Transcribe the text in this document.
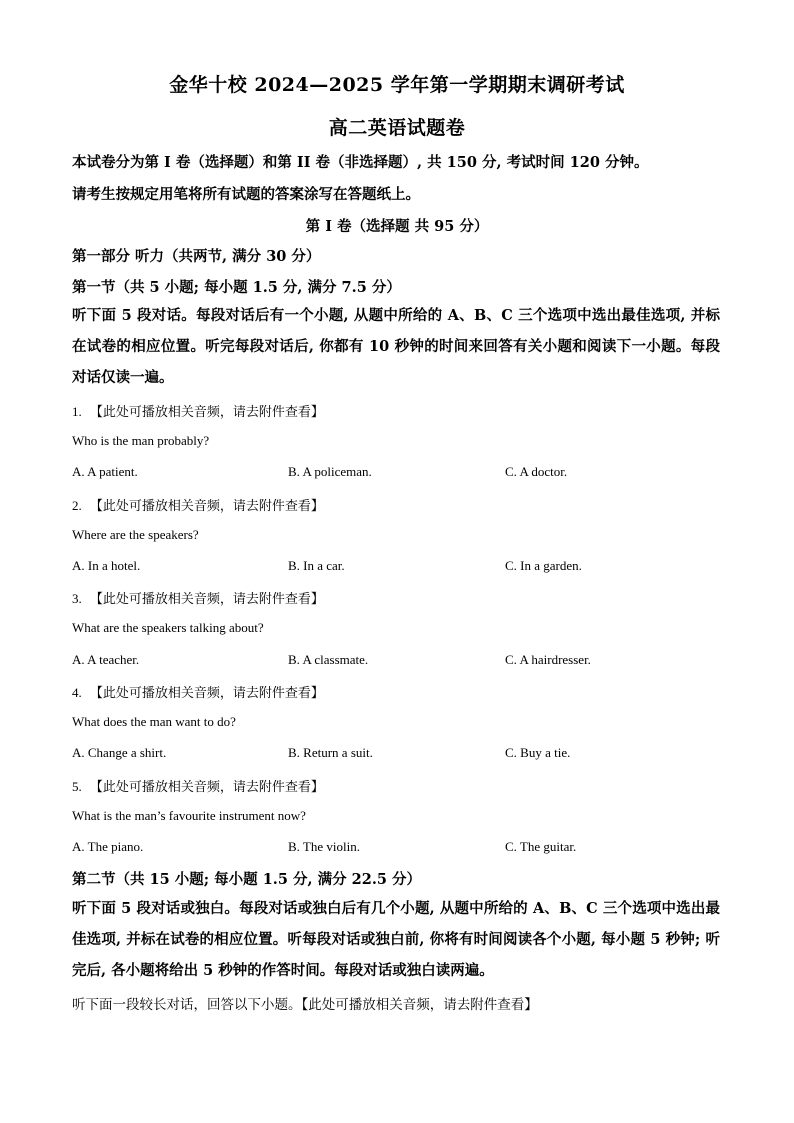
金华十校 2024—2025 学年第一学期期末调研考试
高二英语试题卷
本试卷分为第 I 卷（选择题）和第 II 卷（非选择题）, 共 150 分, 考试时间 120 分钟。
请考生按规定用笔将所有试题的答案涂写在答题纸上。
第 I 卷（选择题 共 95 分）
第一部分 听力（共两节, 满分 30 分）
第一节（共 5 小题; 每小题 1.5 分, 满分 7.5 分）
听下面 5 段对话。每段对话后有一个小题, 从题中所给的 A、B、C 三个选项中选出最佳选项, 并标在试卷的相应位置。听完每段对话后, 你都有 10 秒钟的时间来回答有关小题和阅读下一小题。每段对话仅读一遍。
1. 【此处可播放相关音频，请去附件查看】
Who is the man probably?
A. A patient.	B. A policeman.	C. A doctor.
2. 【此处可播放相关音频，请去附件查看】
Where are the speakers?
A. In a hotel.	B. In a car.	C. In a garden.
3. 【此处可播放相关音频，请去附件查看】
What are the speakers talking about?
A. A teacher.	B. A classmate.	C. A hairdresser.
4. 【此处可播放相关音频，请去附件查看】
What does the man want to do?
A. Change a shirt.	B. Return a suit.	C. Buy a tie.
5. 【此处可播放相关音频，请去附件查看】
What is the man’s favourite instrument now?
A. The piano.	B. The violin.	C. The guitar.
第二节（共 15 小题; 每小题 1.5 分, 满分 22.5 分）
听下面 5 段对话或独白。每段对话或独白后有几个小题, 从题中所给的 A、B、C 三个选项中选出最佳选项, 并标在试卷的相应位置。听每段对话或独白前, 你将有时间阅读各个小题, 每小题 5 秒钟; 听完后, 各小题将给出 5 秒钟的作答时间。每段对话或独白读两遍。
听下面一段较长对话，回答以下小题。【此处可播放相关音频，请去附件查看】
